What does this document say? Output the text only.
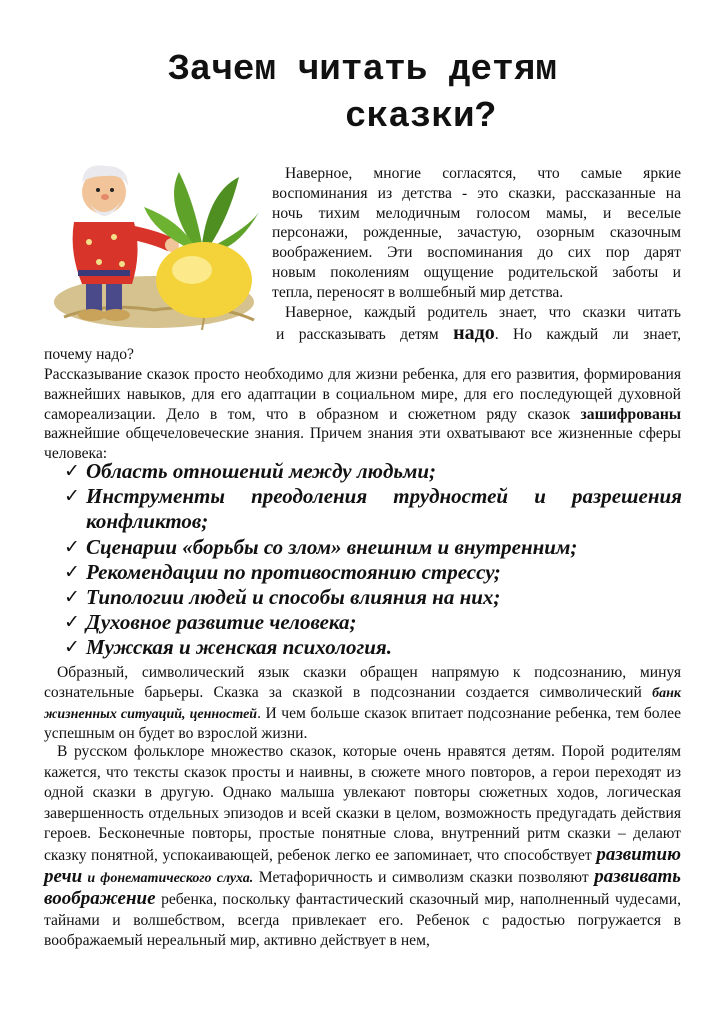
Зачем читать детям
сказки?
Наверное, многие согласятся, что самые яркие
воспоминания из детства - это сказки, рассказанные на
ночь тихим мелодичным голосом мамы, и веселые
персонажи, рожденные, зачастую, озорным сказочным
воображением. Эти воспоминания до сих пор дарят
новым поколениям ощущение родительской заботы и
тепла, переносят в волшебный мир детства.
Наверное, каждый родитель знает, что сказки читать
и рассказывать детям надо. Но каждый ли знает,
почему надо?

Рассказывание сказок просто необходимо для жизни ребенка, для его развития, формирования важнейших навыков, для его адаптации в социальном мире, для его последующей духовной самореализации. Дело в том, что в образном и сюжетном ряду сказок зашифрованы важнейшие общечеловеческие знания. Причем знания эти охватывают все жизненные сферы человека:

✓ Область отношений между людьми;
✓ Инструменты преодоления трудностей и разрешения конфликтов;
✓ Сценарии «борьбы со злом» внешним и внутренним;
✓ Рекомендации по противостоянию стрессу;
✓ Типологии людей и способы влияния на них;
✓ Духовное развитие человека;
✓ Мужская и женская психология.

Образный, символический язык сказки обращен напрямую к подсознанию, минуя сознательные барьеры. Сказка за сказкой в подсознании создается символический банк жизненных ситуаций, ценностей. И чем больше сказок впитает подсознание ребенка, тем более успешным он будет во взрослой жизни.

В русском фольклоре множество сказок, которые очень нравятся детям. Порой родителям кажется, что тексты сказок просты и наивны, в сюжете много повторов, а герои переходят из одной сказки в другую. Однако малыша увлекают повторы сюжетных ходов, логическая завершенность отдельных эпизодов и всей сказки в целом, возможность предугадать действия героев. Бесконечные повторы, простые понятные слова, внутренний ритм сказки – делают сказку понятной, успокаивающей, ребенок легко ее запоминает, что способствует развитию речи и фонематического слуха. Метафоричность и символизм сказки позволяют развивать воображение ребенка, поскольку фантастический сказочный мир, наполненный чудесами, тайнами и волшебством, всегда привлекает его. Ребенок с радостью погружается в воображаемый нереальный мир, активно действует в нем,
